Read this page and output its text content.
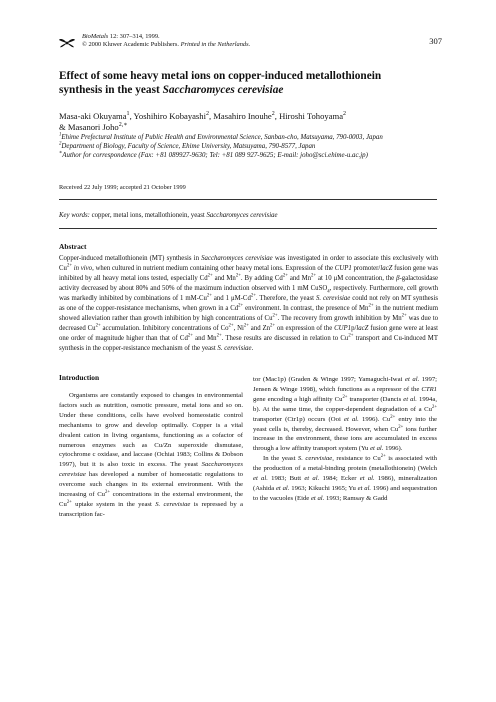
BioMetals 12: 307–314, 1999.
© 2000 Kluwer Academic Publishers. Printed in the Netherlands.	307
Effect of some heavy metal ions on copper-induced metallothionein
synthesis in the yeast Saccharomyces cerevisiae
Masa-aki Okuyama$^1$, Yoshihiro Kobayashi$^2$, Masahiro Inouhe$^2$, Hiroshi Tohoyama$^2$
& Masanori Joho$^{2,∗}$
$^1$Ehime Prefectural Institute of Public Health and Environmental Science, Sanban-cho, Matsuyama, 790-0003, Japan
$^2$Department of Biology, Faculty of Science, Ehime University, Matsuyama, 790-8577, Japan
∗Author for correspondence (Fax: +81 089927-9630; Tel: +81 089 927-9625; E-mail: joho@sci.ehime-u.ac.jp)
Received 22 July 1999; accepted 21 October 1999
Key words: copper, metal ions, metallothionein, yeast Saccharomyces cerevisiae
Abstract
Copper-induced metallothionein (MT) synthesis in Saccharomyces cerevisiae was investigated in order to associate this exclusively with $Cu^{2+}$ in vivo, when cultured in nutrient medium containing other heavy metal ions. Expression of the CUP1 promoter/lacZ fusion gene was inhibited by all heavy metal ions tested, especially $Cd^{2+}$ and $Mn^{2+}$. By adding $Cd^{2+}$ and $Mn^{2+}$ at 10 μM concentration, the β-galactosidase activity decreased by about 80% and 50% of the maximum induction observed with 1 mM CuSO$_4$, respectively. Furthermore, cell growth was markedly inhibited by combinations of 1 $mM-Cu^{2+}$ and 1 $\mu M-Cd^{2+}$. Therefore, the yeast S. cerevisiae could not rely on MT synthesis as one of the copper-resistance mechanisms, when grown in a $Cd^{2+}$ environment. In contrast, the presence of $Mn^{2+}$ in the nutrient medium showed alleviation rather than growth inhibition by high concentrations of $Cu^{2+}$. The recovery from growth inhibition by $Mn^{2+}$ was due to decreased $Cu^{2+}$ accumulation. Inhibitory concentrations of $Co^{2+}$, $Ni^{2+}$ and $Zn^{2+}$ on expression of the CUP1p/lacZ fusion gene were at least one order of magnitude higher than that of $Cd^{2+}$ and $Mn^{2+}$. These results are discussed in relation to $Cu^{2+}$ transport and Cu-induced MT synthesis in the copper-resistance mechanism of the yeast S. cerevisiae.
Introduction

Organisms are constantly exposed to changes in environmental factors such as nutrition, osmotic pressure, metal ions and so on. Under these conditions, cells have evolved homeostatic control mechanisms to grow and develop optimally. Copper is a vital divalent cation in living organisms, functioning as a cofactor of numerous enzymes such as Cu/Zn superoxide dismutase, cytochrome c oxidase, and laccase (Ochiai 1983; Collins & Dobson 1997), but it is also toxic in excess. The yeast Saccharomyces cerevisiae has developed a number of homeostatic regulations to overcome such changes in its external environment. With the increasing of $Cu^{2+}$ concentrations in the external environment, the $Cu^{2+}$ uptake system in the yeast S. cerevisiae is repressed by a transcription fac-

tor (Mac1p) (Graden & Winge 1997; Yamaguchi-Iwai et al. 1997; Jensen & Winge 1998), which functions as a repressor of the CTR1 gene encoding a high affinity $Cu^{2+}$ transporter (Dancis et al. 1994a, b). At the same time, the copper-dependent degradation of a $Cu^{2+}$ transporter (Ctr1p) occurs (Ooi et al. 1996). $Cu^{2+}$ entry into the yeast cells is, thereby, decreased. However, when $Cu^{2+}$ ions further increase in the environment, these ions are accumulated in excess through a low affinity transport system (Yu et al. 1996).

In the yeast S. cerevisiae, resistance to $Cu^{2+}$ is associated with the production of a metal-binding protein (metallothionein) (Welch et al. 1983; Butt et al. 1984; Ecker et al. 1986), mineralization (Ashida et al. 1963; Kikuchi 1965; Yu et al. 1996) and sequestration to the vacuoles (Eide et al. 1993; Ramsay & Gadd
